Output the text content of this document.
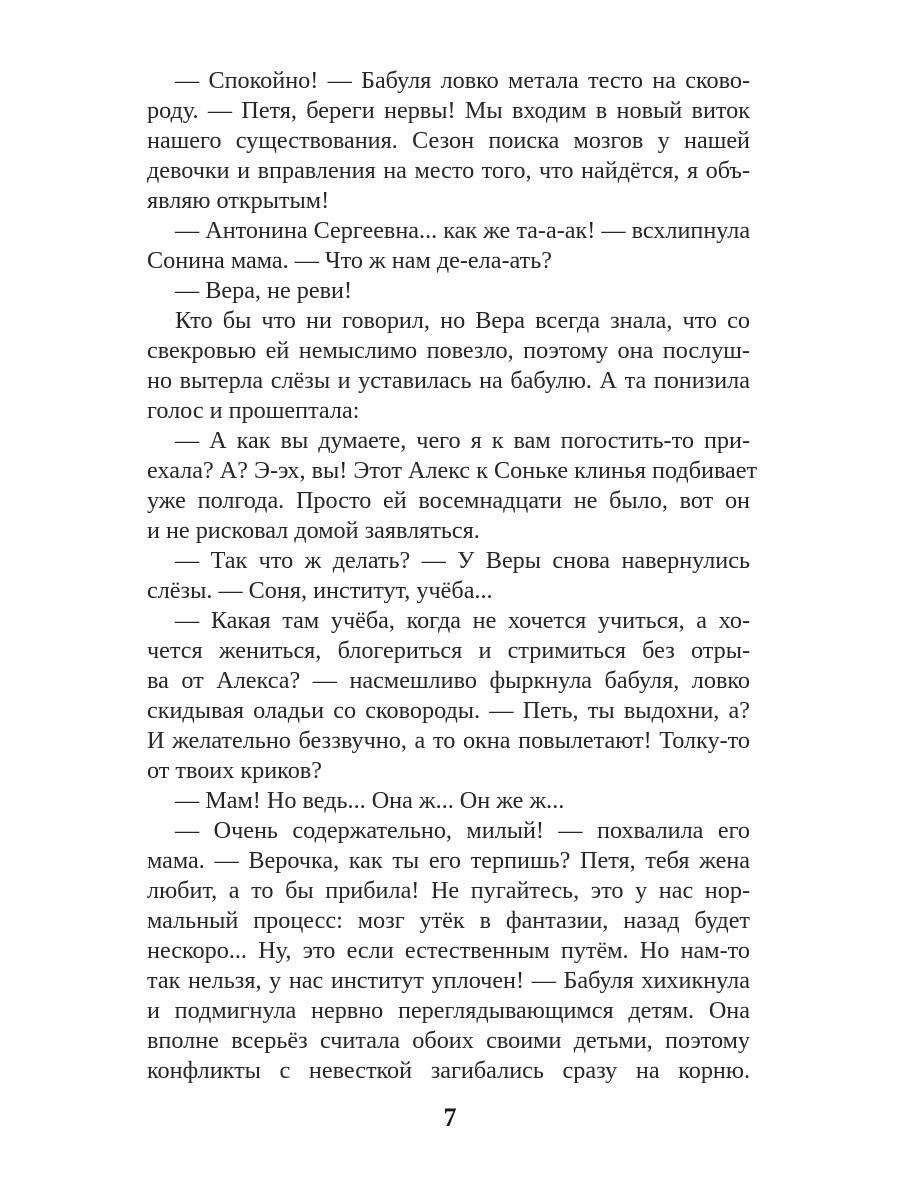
— Спокойно! — Бабуля ловко метала тесто на сково-
роду. — Петя, береги нервы! Мы входим в новый виток
нашего существования. Сезон поиска мозгов у нашей
девочки и вправления на место того, что найдётся, я объ-
являю открытым!
— Антонина Сергеевна... как же та-а-ак! — всхлипнула
Сонина мама. — Что ж нам де-ела-ать?
— Вера, не реви!
Кто бы что ни говорил, но Вера всегда знала, что со
свекровью ей немыслимо повезло, поэтому она послуш-
но вытерла слёзы и уставилась на бабулю. А та понизила
голос и прошептала:
— А как вы думаете, чего я к вам погостить-то при-
ехала? А? Э-эх, вы! Этот Алекс к Соньке клинья подбивает
уже полгода. Просто ей восемнадцати не было, вот он
и не рисковал домой заявляться.
— Так что ж делать? — У Веры снова навернулись
слёзы. — Соня, институт, учёба...
— Какая там учёба, когда не хочется учиться, а хо-
чется жениться, блогериться и стримиться без отры-
ва от Алекса? — насмешливо фыркнула бабуля, ловко
скидывая оладьи со сковороды. — Петь, ты выдохни, а?
И желательно беззвучно, а то окна повылетают! Толку-то
от твоих криков?
— Мам! Но ведь... Она ж... Он же ж...
— Очень содержательно, милый! — похвалила его
мама. — Верочка, как ты его терпишь? Петя, тебя жена
любит, а то бы прибила! Не пугайтесь, это у нас нор-
мальный процесс: мозг утёк в фантазии, назад будет
нескоро... Ну, это если естественным путём. Но нам-то
так нельзя, у нас институт уплочен! — Бабуля хихикнула
и подмигнула нервно переглядывающимся детям. Она
вполне всерьёз считала обоих своими детьми, поэтому
конфликты с невесткой загибались сразу на корню.
7
